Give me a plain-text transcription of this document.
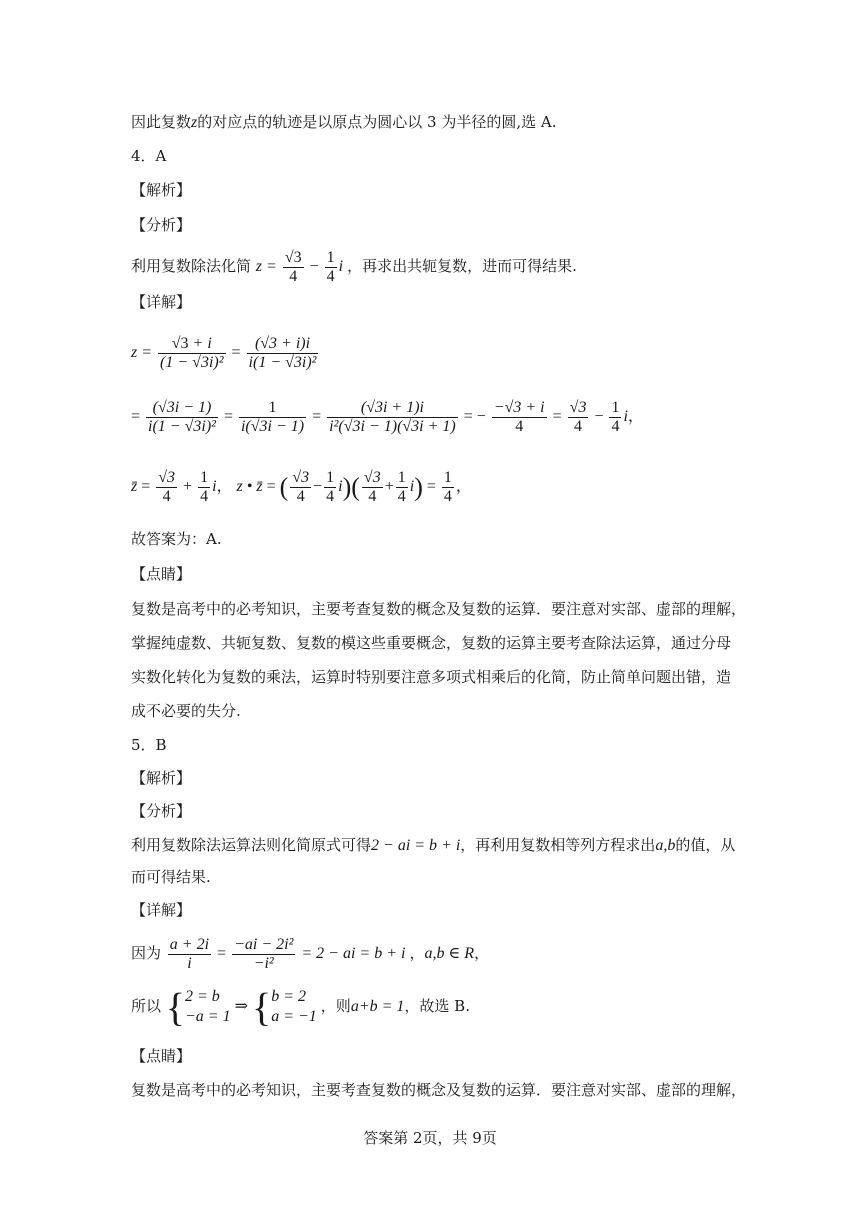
因此复数z的对应点的轨迹是以原点为圆心以 3 为半径的圆,选 A.
4．A
【解析】
【分析】
利用复数除法化简 $z = \frac{√3}{4} - \frac{1}{4}$ i ，再求出共轭复数，进而可得结果.
【详解】
$z = \frac{√3 + i}{\text{(1 − √3i)²}} = \frac{(√3 + i)i}{\text{i(1 − √3i)²}}$
= $\frac{(√3i - 1)}{\text{i(1 − √3i)²}} = \frac{1}{i(√3i - 1)} = \frac{(√3i + 1)i}{\text{i²(√3i − 1)(√3i + 1)}}$ = − $\frac{-√3 + i}{4} = \frac{√3}{4} - \frac{1}{4}$ i，
z̄ = $\frac{√3}{4} + \frac{1}{4}$ i， z • z̄ = ( $\frac{√3}{4} - \frac{1}{4} i)( \frac{√3}{4} + \frac{1}{4} i) = \frac{1}{4}$ ，
故答案为：A.
【点睛】
复数是高考中的必考知识，主要考查复数的概念及复数的运算．要注意对实部、虚部的理解，
掌握纯虚数、共轭复数、复数的模这些重要概念，复数的运算主要考查除法运算，通过分母
实数化转化为复数的乘法，运算时特别要注意多项式相乘后的化简，防止简单问题出错，造
成不必要的失分.
5．B
【解析】
【分析】
利用复数除法运算法则化简原式可得2 − ai = b + i，再利用复数相等列方程求出a,b的值，从
而可得结果.
【详解】
因为 $\frac{a + 2i}{i} = \frac{\text{−ai − 2i²}}{\text{−i²}} = 2$ − ai = b + i ，a,b ∈ R，
所以 { 2 = b
−a = 1
⇒ { b = 2
a = −1
，则a+b = 1，故选 B.
【点睛】
复数是高考中的必考知识，主要考查复数的概念及复数的运算．要注意对实部、虚部的理解，
答案第 2页，共 9页
